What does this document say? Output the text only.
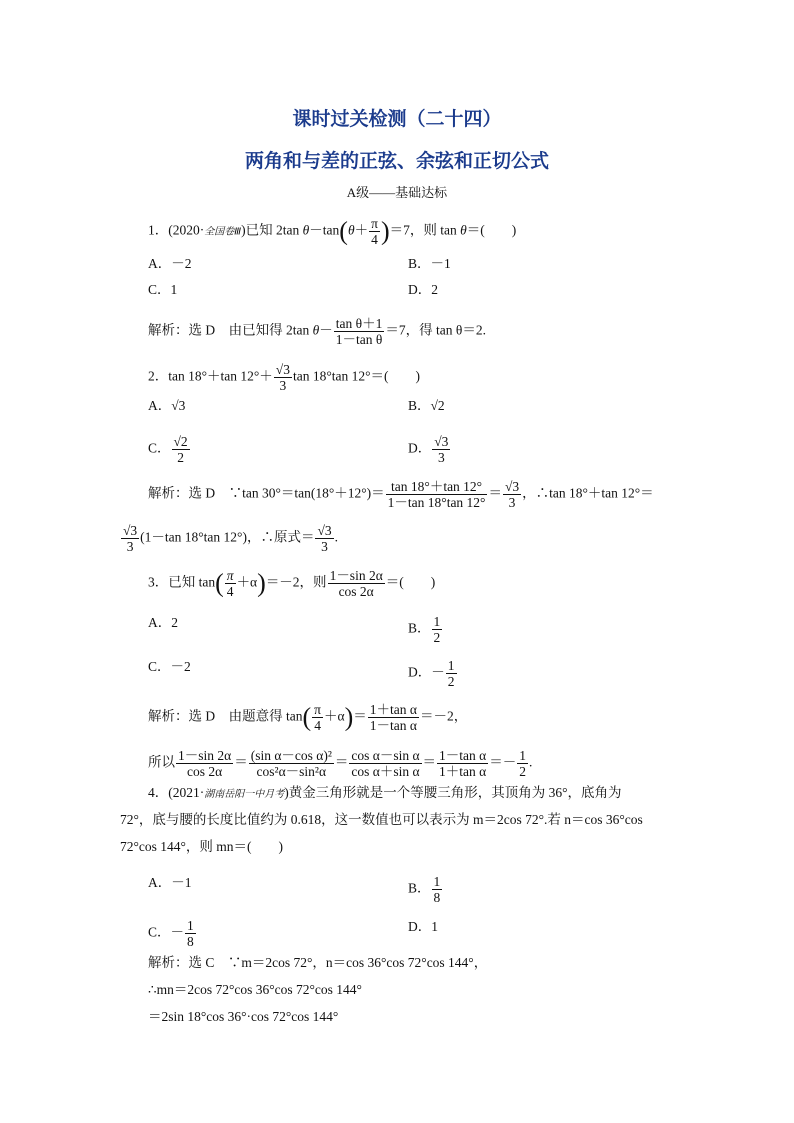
课时过关检测（二十四）
两角和与差的正弦、余弦和正切公式
A级——基础达标
1．(2020·全国卷Ⅲ)已知 2tan $\theta-\tan(\theta+ \frac{\pi}{4} )=7$，则 tan θ＝(　　)
A．－2	B．－1
C．1	D．2
解析：选 D　由已知得 2tan $\theta- \frac{\text{tan θ＋1}}{\text{1－tan θ}} =7$，得 tan θ＝2.
2．tan 18°＋tan $12^\circ+ \frac{√3}{3}$ tan 18°tan 12°＝(　　)
A．√3	B．√2
C． $\frac{√2}{2}$	D． $\frac{√3}{3}$
解析：选 D　∵tan $30^\circ=\tan(18^\circ+12^\circ)= \frac{\tan 18^\circ+\tan 12^\circ}{1-\tan 18^\circ\tan 12^\circ} = \frac{√3}{3}$ ，∴tan 18°＋tan 12°＝
$\frac{√3}{3} (1-\tan$ 18°tan 12°)，∴原式＝ $\frac{√3}{3}$ .
3．已知 $\tan( \frac{\pi}{4} +\alpha)=-2$，则 $\frac{1-\sin 2\alpha}{\cos 2\alpha}$ ＝(　　)
A．2	B． $\frac{1}{2}$
C．－2	D．－ $\frac{1}{2}$
解析：选 D　由题意得 $\tan( \frac{\pi}{4} +\alpha)= \frac{\text{1＋tan α}}{\text{1－tan α}} =-2$，
所以 $\frac{1-\sin 2\alpha}{\cos 2\alpha} = \frac{\text{(sin α－cos α)²}}{\text{cos²α－sin²α}} = \frac{\text{cos α－sin α}}{\text{cos α＋sin α}} = \frac{\text{1－tan α}}{\text{1＋tan α}} =- \frac{1}{2}$ .
4．(2021·湖南岳阳一中月考)黄金三角形就是一个等腰三角形，其顶角为 36°，底角为
72°，底与腰的长度比值约为 0.618，这一数值也可以表示为 m＝2cos 72°.若 n＝cos 36°cos
72°cos 144°，则 mn＝(　　)
A．－1	B． $\frac{1}{8}$
C．－ $\frac{1}{8}$	D．1
解析：选 C　∵m＝2cos 72°，n＝cos 36°cos 72°cos 144°，
∴mn＝2cos 72°cos 36°cos 72°cos 144°
＝2sin 18°cos 36°·cos 72°cos 144°
